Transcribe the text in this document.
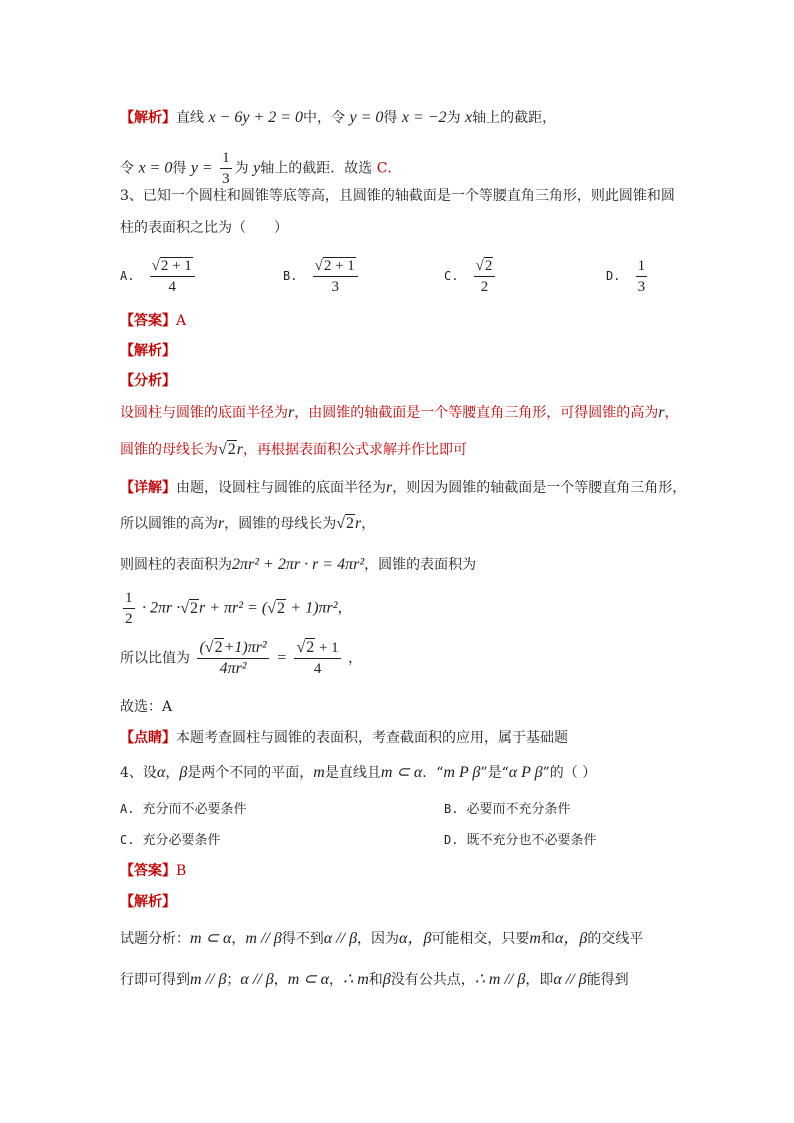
【解析】直线 x − 6y + 2 = 0中，令 y = 0得 x = −2为 x轴上的截距，
令 x = 0得 $y = \frac{1}{3}$ 为 y轴上的截距．故选 C．
3、已知一个圆柱和圆锥等底等高，且圆锥的轴截面是一个等腰直角三角形，则此圆锥和圆
柱的表面积之比为（　　）
A. $\frac{√2 + 1}{4}$	B. $\frac{√2 + 1}{3}$	C. $\frac{√2}{2}$	D. $\frac{1}{3}$
【答案】A
【解析】
【分析】
设圆柱与圆锥的底面半径为r，由圆锥的轴截面是一个等腰直角三角形，可得圆锥的高为r，
圆锥的母线长为√2r，再根据表面积公式求解并作比即可
【详解】由题，设圆柱与圆锥的底面半径为r，则因为圆锥的轴截面是一个等腰直角三角形，
所以圆锥的高为r，圆锥的母线长为√2r，
则圆柱的表面积为2πr² + 2πr · r = 4πr²，圆锥的表面积为
$\frac{1}{2} \cdot 2\pi r \cdot√2r + \pi r^2 = (√2 + 1)\pi r^2$，
所以比值为 $\frac{\text{(√2+1)πr²}}{\text{4πr²}} = \frac{√2 + 1}{4}$ ，
故选：A
【点睛】本题考查圆柱与圆锥的表面积，考查截面积的应用，属于基础题
4、设α，β是两个不同的平面，m是直线且m ⊂ α．“m P β”是“α P β”的（ ）
A. 充分而不必要条件	B. 必要而不充分条件
C. 充分必要条件	D. 既不充分也不必要条件
【答案】B
【解析】
试题分析：m ⊂ α，m // β得不到α // β，因为α，β可能相交，只要m和α，β的交线平
行即可得到m // β；α // β，m ⊂ α，∴ m和β没有公共点，∴ m // β，即α // β能得到
